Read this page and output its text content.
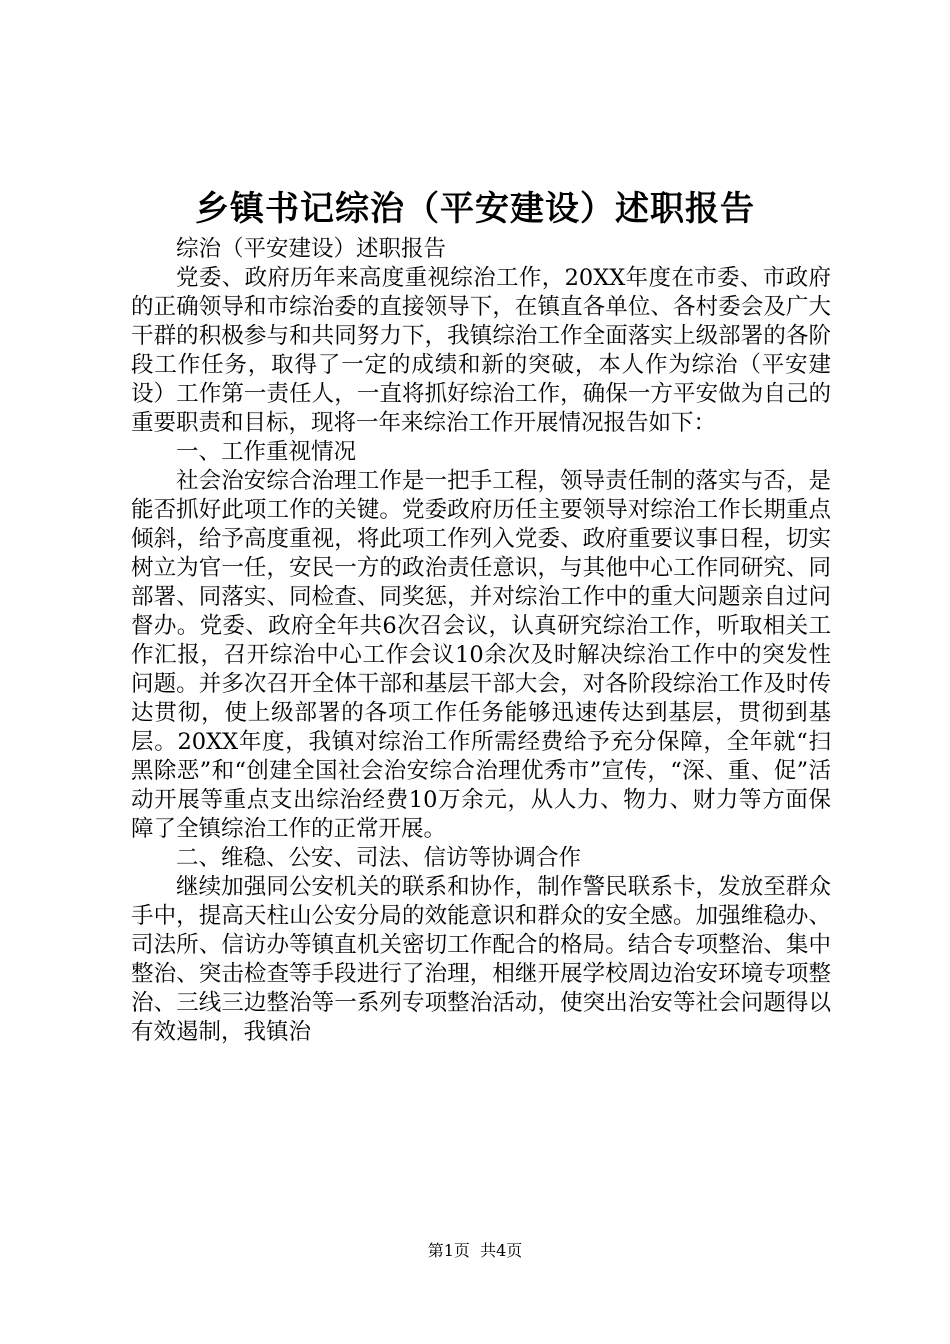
乡镇书记综治（平安建设）述职报告

综治（平安建设）述职报告

党委、政府历年来高度重视综治工作，20XX年度在市委、市政府的正确领导和市综治委的直接领导下，在镇直各单位、各村委会及广大干群的积极参与和共同努力下，我镇综治工作全面落实上级部署的各阶段工作任务，取得了一定的成绩和新的突破，本人作为综治（平安建设）工作第一责任人，一直将抓好综治工作，确保一方平安做为自己的重要职责和目标，现将一年来综治工作开展情况报告如下：

一、工作重视情况

社会治安综合治理工作是一把手工程，领导责任制的落实与否，是能否抓好此项工作的关键。党委政府历任主要领导对综治工作长期重点倾斜，给予高度重视，将此项工作列入党委、政府重要议事日程，切实树立为官一任，安民一方的政治责任意识，与其他中心工作同研究、同部署、同落实、同检查、同奖惩，并对综治工作中的重大问题亲自过问督办。党委、政府全年共6次召会议，认真研究综治工作，听取相关工作汇报，召开综治中心工作会议10余次及时解决综治工作中的突发性问题。并多次召开全体干部和基层干部大会，对各阶段综治工作及时传达贯彻，使上级部署的各项工作任务能够迅速传达到基层，贯彻到基层。20XX年度，我镇对综治工作所需经费给予充分保障，全年就“扫黑除恶”和“创建全国社会治安综合治理优秀市”宣传，“深、重、促”活动开展等重点支出综治经费10万余元，从人力、物力、财力等方面保障了全镇综治工作的正常开展。

二、维稳、公安、司法、信访等协调合作

继续加强同公安机关的联系和协作，制作警民联系卡，发放至群众手中，提高天柱山公安分局的效能意识和群众的安全感。加强维稳办、司法所、信访办等镇直机关密切工作配合的格局。结合专项整治、集中整治、突击检查等手段进行了治理，相继开展学校周边治安环境专项整治、三线三边整治等一系列专项整治活动，使突出治安等社会问题得以有效遏制，我镇治

第1页 共4页
